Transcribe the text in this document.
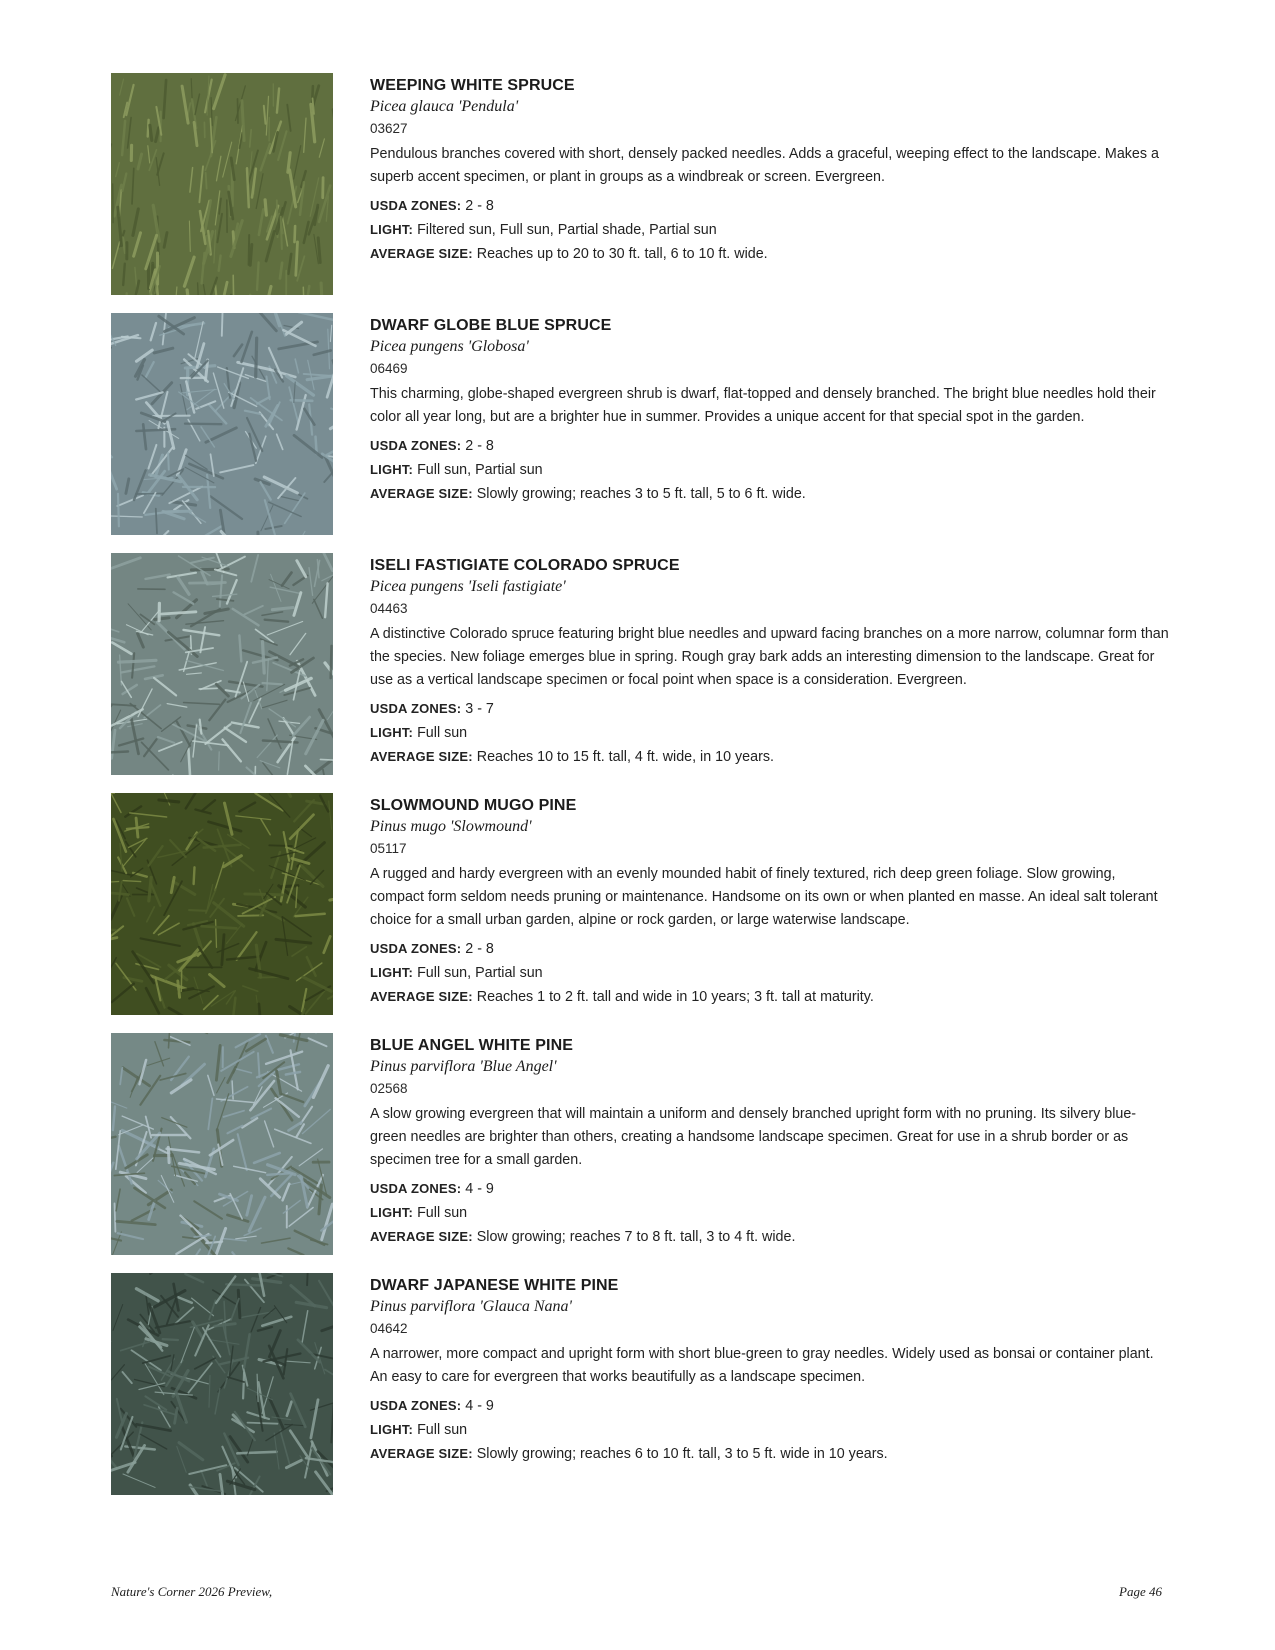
WEEPING WHITE SPRUCE
Picea glauca 'Pendula'
03627
Pendulous branches covered with short, densely packed needles. Adds a graceful, weeping effect to the landscape. Makes a superb accent specimen, or plant in groups as a windbreak or screen. Evergreen.
USDA ZONES: 2 - 8
LIGHT: Filtered sun, Full sun, Partial shade, Partial sun
AVERAGE SIZE: Reaches up to 20 to 30 ft. tall, 6 to 10 ft. wide.
DWARF GLOBE BLUE SPRUCE
Picea pungens 'Globosa'
06469
This charming, globe-shaped evergreen shrub is dwarf, flat-topped and densely branched. The bright blue needles hold their color all year long, but are a brighter hue in summer. Provides a unique accent for that special spot in the garden.
USDA ZONES: 2 - 8
LIGHT: Full sun, Partial sun
AVERAGE SIZE: Slowly growing; reaches 3 to 5 ft. tall, 5 to 6 ft. wide.
ISELI FASTIGIATE COLORADO SPRUCE
Picea pungens 'Iseli fastigiate'
04463
A distinctive Colorado spruce featuring bright blue needles and upward facing branches on a more narrow, columnar form than the species. New foliage emerges blue in spring. Rough gray bark adds an interesting dimension to the landscape. Great for use as a vertical landscape specimen or focal point when space is a consideration. Evergreen.
USDA ZONES: 3 - 7
LIGHT: Full sun
AVERAGE SIZE: Reaches 10 to 15 ft. tall, 4 ft. wide, in 10 years.
SLOWMOUND MUGO PINE
Pinus mugo 'Slowmound'
05117
A rugged and hardy evergreen with an evenly mounded habit of finely textured, rich deep green foliage. Slow growing, compact form seldom needs pruning or maintenance. Handsome on its own or when planted en masse. An ideal salt tolerant choice for a small urban garden, alpine or rock garden, or large waterwise landscape.
USDA ZONES: 2 - 8
LIGHT: Full sun, Partial sun
AVERAGE SIZE: Reaches 1 to 2 ft. tall and wide in 10 years; 3 ft. tall at maturity.
BLUE ANGEL WHITE PINE
Pinus parviflora 'Blue Angel'
02568
A slow growing evergreen that will maintain a uniform and densely branched upright form with no pruning. Its silvery blue-green needles are brighter than others, creating a handsome landscape specimen. Great for use in a shrub border or as specimen tree for a small garden.
USDA ZONES: 4 - 9
LIGHT: Full sun
AVERAGE SIZE: Slow growing; reaches 7 to 8 ft. tall, 3 to 4 ft. wide.
DWARF JAPANESE WHITE PINE
Pinus parviflora 'Glauca Nana'
04642
A narrower, more compact and upright form with short blue-green to gray needles. Widely used as bonsai or container plant. An easy to care for evergreen that works beautifully as a landscape specimen.
USDA ZONES: 4 - 9
LIGHT: Full sun
AVERAGE SIZE: Slowly growing; reaches 6 to 10 ft. tall, 3 to 5 ft. wide in 10 years.
Nature's Corner 2026 Preview,	Page 46
